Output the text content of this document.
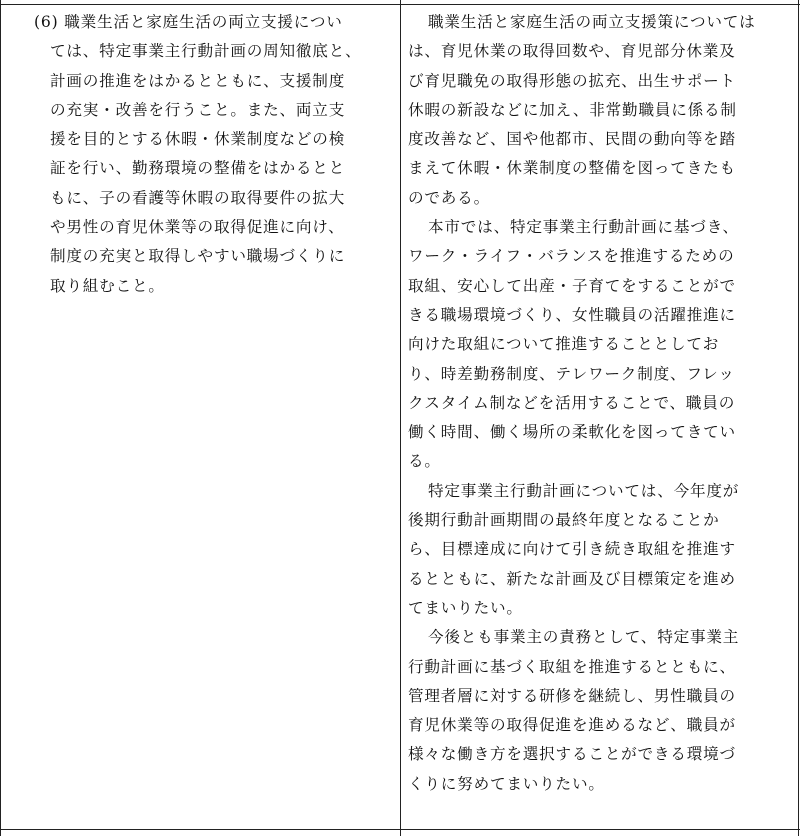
(6) 職業生活と家庭生活の両立支援につい
ては、特定事業主行動計画の周知徹底と、
計画の推進をはかるとともに、支援制度
の充実・改善を行うこと。また、両立支
援を目的とする休暇・休業制度などの検
証を行い、勤務環境の整備をはかるとと
もに、子の看護等休暇の取得要件の拡大
や男性の育児休業等の取得促進に向け、
制度の充実と取得しやすい職場づくりに
取り組むこと。
職業生活と家庭生活の両立支援策については
は、育児休業の取得回数や、育児部分休業及
び育児職免の取得形態の拡充、出生サポート
休暇の新設などに加え、非常勤職員に係る制
度改善など、国や他都市、民間の動向等を踏
まえて休暇・休業制度の整備を図ってきたも
のである。
本市では、特定事業主行動計画に基づき、
ワーク・ライフ・バランスを推進するための
取組、安心して出産・子育てをすることがで
きる職場環境づくり、女性職員の活躍推進に
向けた取組について推進することとしてお
り、時差勤務制度、テレワーク制度、フレッ
クスタイム制などを活用することで、職員の
働く時間、働く場所の柔軟化を図ってきてい
る。
特定事業主行動計画については、今年度が
後期行動計画期間の最終年度となることか
ら、目標達成に向けて引き続き取組を推進す
るとともに、新たな計画及び目標策定を進め
てまいりたい。
今後とも事業主の責務として、特定事業主
行動計画に基づく取組を推進するとともに、
管理者層に対する研修を継続し、男性職員の
育児休業等の取得促進を進めるなど、職員が
様々な働き方を選択することができる環境づ
くりに努めてまいりたい。
